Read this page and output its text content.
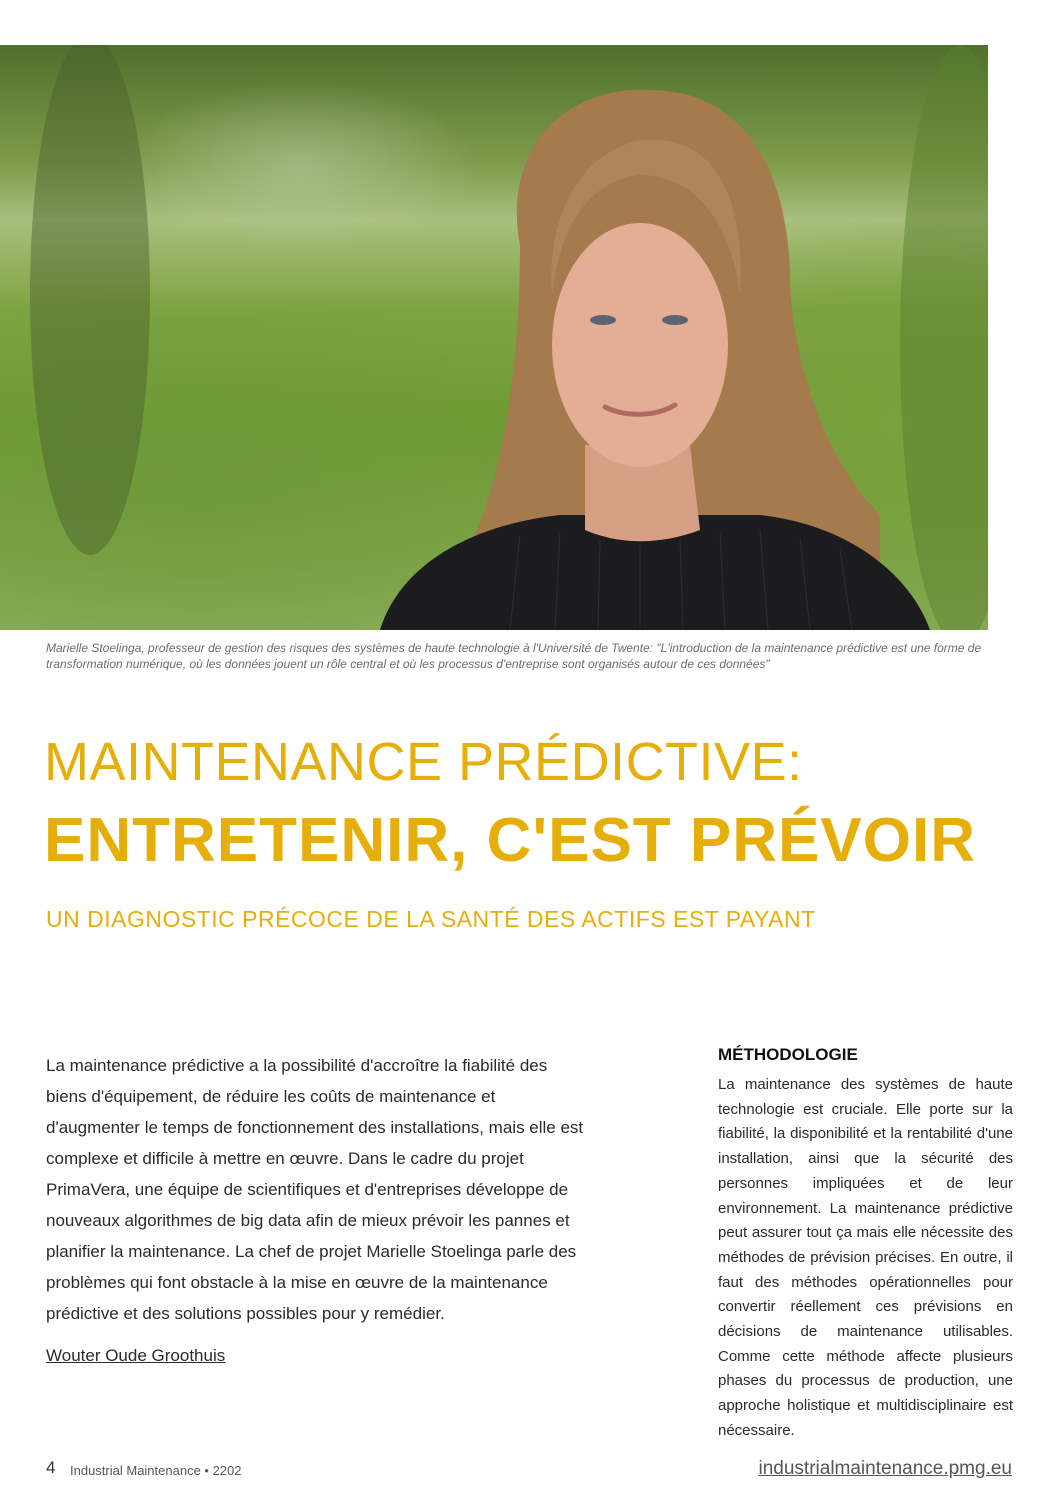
Marielle Stoelinga, professeur de gestion des risques des systèmes de haute technologie à l'Université de Twente: "L'introduction de la maintenance prédictive est une forme de transformation numérique, où les données jouent un rôle central et où les processus d'entreprise sont organisés autour de ces données"
MAINTENANCE PRÉDICTIVE:
ENTRETENIR, C'EST PRÉVOIR
UN DIAGNOSTIC PRÉCOCE DE LA SANTÉ DES ACTIFS EST PAYANT

La maintenance prédictive a la possibilité d'accroître la fiabilité des biens d'équipement, de réduire les coûts de maintenance et d'augmenter le temps de fonctionnement des installations, mais elle est complexe et difficile à mettre en œuvre. Dans le cadre du projet PrimaVera, une équipe de scientifiques et d'entreprises développe de nouveaux algorithmes de big data afin de mieux prévoir les pannes et planifier la maintenance. La chef de projet Marielle Stoelinga parle des problèmes qui font obstacle à la mise en œuvre de la maintenance prédictive et des solutions possibles pour y remédier.

Wouter Oude Groothuis

MÉTHODOLOGIE

La maintenance des systèmes de haute technologie est cruciale. Elle porte sur la fiabilité, la disponibilité et la rentabilité d'une installation, ainsi que la sécurité des personnes impliquées et de leur environnement. La maintenance prédictive peut assurer tout ça mais elle nécessite des méthodes de prévision précises. En outre, il faut des méthodes opérationnelles pour convertir réellement ces prévisions en décisions de maintenance utilisables. Comme cette méthode affecte plusieurs phases du processus de production, une approche holistique et multidisciplinaire est nécessaire.

4 Industrial Maintenance • 2202	industrialmaintenance.pmg.eu
